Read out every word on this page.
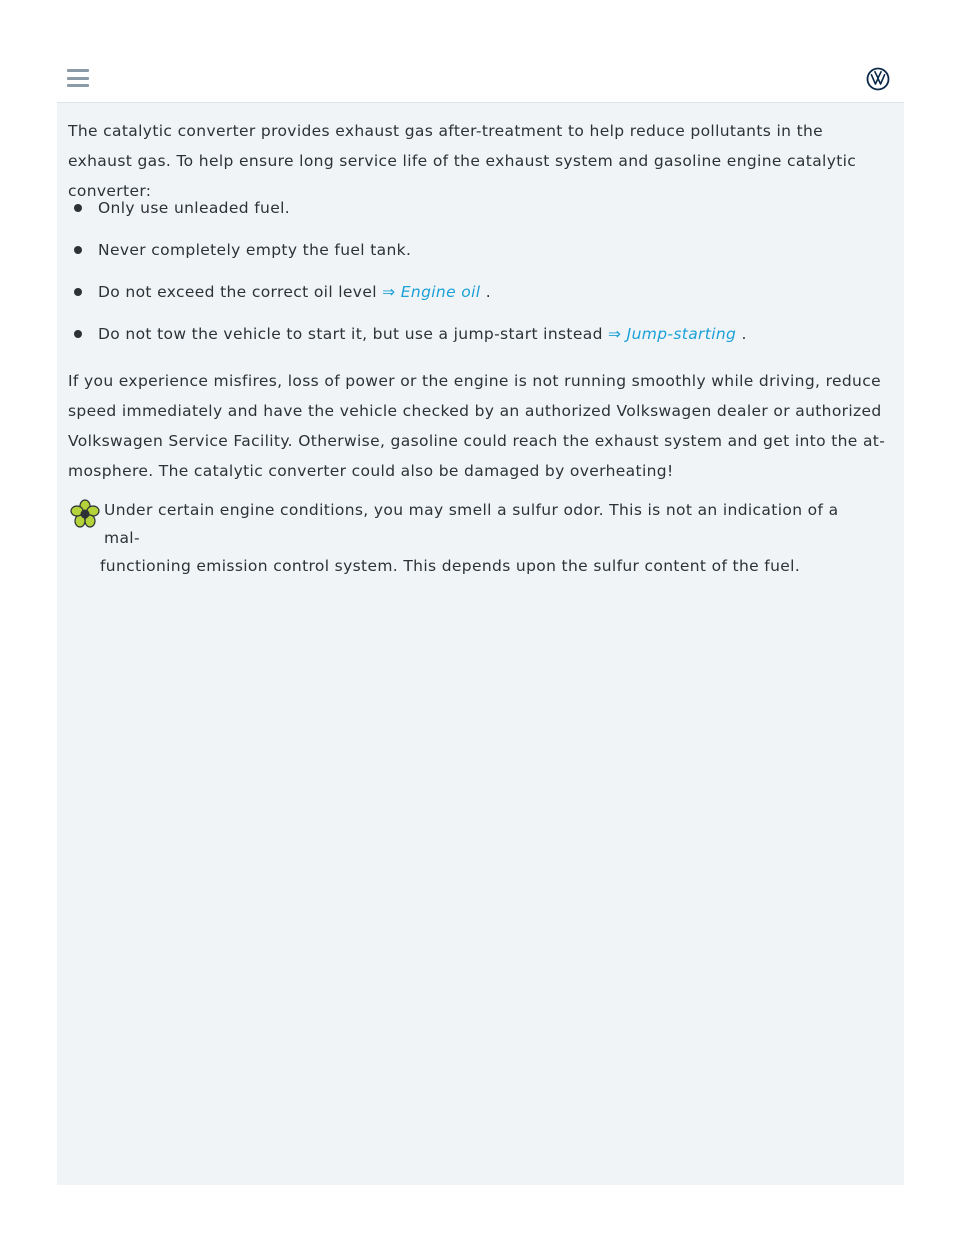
The catalytic converter provides exhaust gas after-treatment to help reduce pollutants in the exhaust gas. To help ensure long service life of the exhaust system and gasoline engine catalytic converter:

Only use unleaded fuel.
Never completely empty the fuel tank.
Do not exceed the correct oil level ⇒ Engine oil .
Do not tow the vehicle to start it, but use a jump-start instead ⇒ Jump-starting .

If you experience misfires, loss of power or the engine is not running smoothly while driving, reduce speed immediately and have the vehicle checked by an authorized Volkswagen dealer or authorized Volkswagen Service Facility. Otherwise, gasoline could reach the exhaust system and get into the at- mosphere. The catalytic converter could also be damaged by overheating!

Under certain engine conditions, you may smell a sulfur odor. This is not an indication of a mal-
functioning emission control system. This depends upon the sulfur content of the fuel.
